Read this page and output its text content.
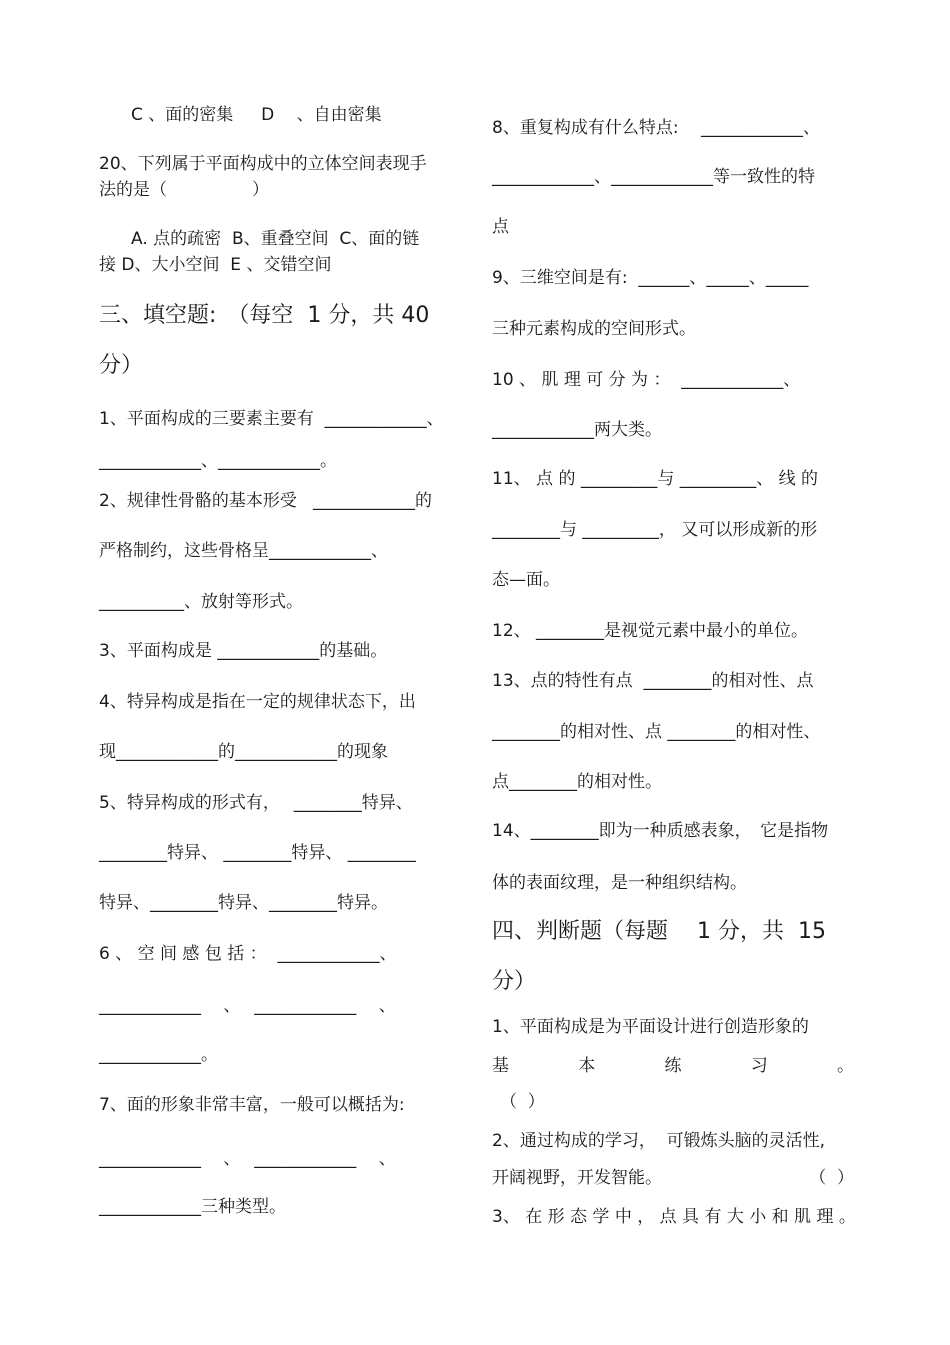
C 、面的密集　  D　 、自由密集
20、下列属于平面构成中的立体空间表现手
法的是（　　　　　）
A. 点的疏密  B、重叠空间  C、面的链
接 D、大小空间  E 、交错空间
三、填空题:　（每空  1 分，共 40
分）
1、平面构成的三要素主要有  ____________、
____________、____________。
2、规律性骨骼的基本形受   ____________的
严格制约，这些骨格呈____________、
__________、放射等形式。
3、平面构成是 ____________的基础。
4、特异构成是指在一定的规律状态下，出
现____________的____________的现象
5、特异构成的形式有，　 ________特异、
________特异、 ________特异、 ________
特异、________特异、________特异。
6 、 空 间 感 包 括 ：  ____________、
____________　 、　 ____________　 、
____________。
7、面的形象非常丰富，一般可以概括为:
____________　 、　 ____________　 、
____________三种类型。
8、重复构成有什么特点:　 ____________、
____________、____________等一致性的特
点
9、三维空间是有:  ______、_____、_____
三种元素构成的空间形式。
10 、 肌 理 可 分 为 ：  ____________、
____________两大类。
11、 点 的 _________与 _________、 线 的
________与 _________， 又可以形成新的形
态—面。
12、 ________是视觉元素中最小的单位。
13、点的特性有点  ________的相对性、点
________的相对性、点 ________的相对性、
点________的相对性。
14、________即为一种质感表象，　它是指物
体的表面纹理，是一种组织结构。
四、判断题（每题　 1 分，共  15
分）
1、平面构成是为平面设计进行创造形象的
基	本	练	习	。
（  ）
2、通过构成的学习，  可锻炼头脑的灵活性,
开阔视野，开发智能。	（  ）
3、 在 形 态 学 中 ， 点 具 有 大 小 和 肌 理 。
